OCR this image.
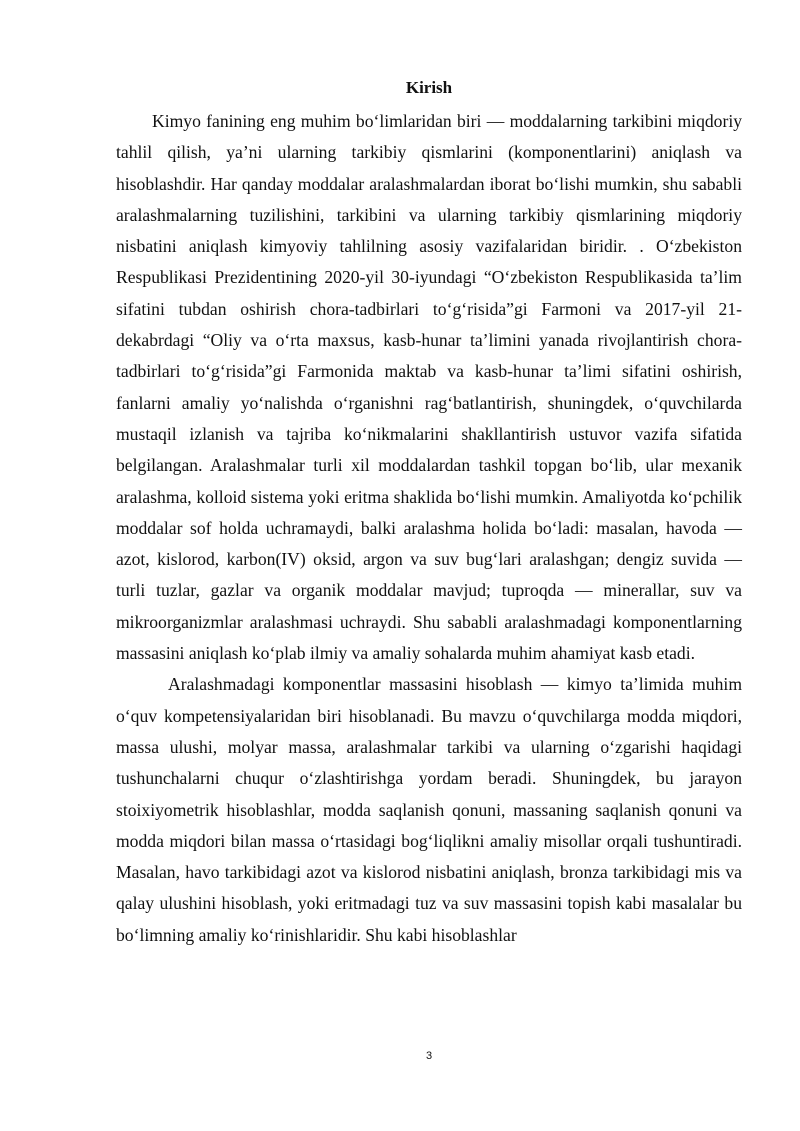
Kirish

Kimyo fanining eng muhim bo‘limlaridan biri — moddalarning tarkibini miqdoriy tahlil qilish, ya’ni ularning tarkibiy qismlarini (komponentlarini) aniqlash va hisoblashdir. Har qanday moddalar aralashmalardan iborat bo‘lishi mumkin, shu sababli aralashmalarning tuzilishini, tarkibini va ularning tarkibiy qismlarining miqdoriy nisbatini aniqlash kimyoviy tahlilning asosiy vazifalaridan biridir. . O‘zbekiston Respublikasi Prezidentining 2020-yil 30-iyundagi “O‘zbekiston Respublikasida ta’lim sifatini tubdan oshirish chora-tadbirlari to‘g‘risida”gi Farmoni va 2017-yil 21-dekabrdagi “Oliy va o‘rta maxsus, kasb-hunar ta’limini yanada rivojlantirish chora-tadbirlari to‘g‘risida”gi Farmonida maktab va kasb-hunar ta’limi sifatini oshirish, fanlarni amaliy yo‘nalishda o‘rganishni rag‘batlantirish, shuningdek, o‘quvchilarda mustaqil izlanish va tajriba ko‘nikmalarini shakllantirish ustuvor vazifa sifatida belgilangan. Aralashmalar turli xil moddalardan tashkil topgan bo‘lib, ular mexanik aralashma, kolloid sistema yoki eritma shaklida bo‘lishi mumkin. Amaliyotda ko‘pchilik moddalar sof holda uchramaydi, balki aralashma holida bo‘ladi: masalan, havoda — azot, kislorod, karbon(IV) oksid, argon va suv bug‘lari aralashgan; dengiz suvida — turli tuzlar, gazlar va organik moddalar mavjud; tuproqda — minerallar, suv va mikroorganizmlar aralashmasi uchraydi. Shu sababli aralashmadagi komponentlarning massasini aniqlash ko‘plab ilmiy va amaliy sohalarda muhim ahamiyat kasb etadi.

Aralashmadagi komponentlar massasini hisoblash — kimyo ta’limida muhim o‘quv kompetensiyalaridan biri hisoblanadi. Bu mavzu o‘quvchilarga modda miqdori, massa ulushi, molyar massa, aralashmalar tarkibi va ularning o‘zgarishi haqidagi tushunchalarni chuqur o‘zlashtirishga yordam beradi. Shuningdek, bu jarayon stoixiyometrik hisoblashlar, modda saqlanish qonuni, massaning saqlanish qonuni va modda miqdori bilan massa o‘rtasidagi bog‘liqlikni amaliy misollar orqali tushuntiradi. Masalan, havo tarkibidagi azot va kislorod nisbatini aniqlash, bronza tarkibidagi mis va qalay ulushini hisoblash, yoki eritmadagi tuz va suv massasini topish kabi masalalar bu bo‘limning amaliy ko‘rinishlaridir. Shu kabi hisoblashlar

3
